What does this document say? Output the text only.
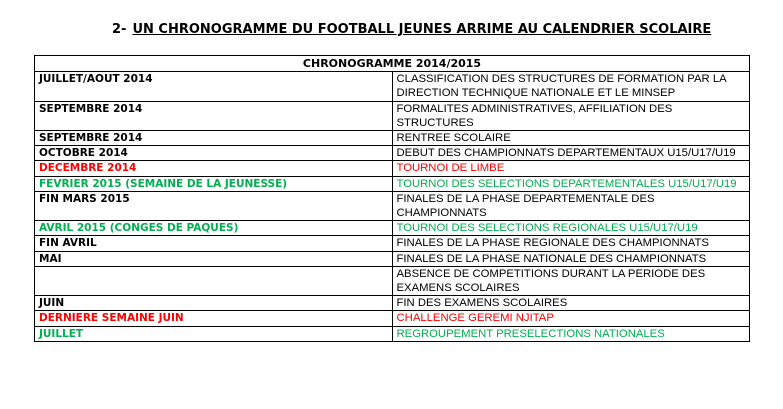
2- UN CHRONOGRAMME DU FOOTBALL JEUNES ARRIME AU CALENDRIER SCOLAIRE
CHRONOGRAMME 2014/2015	
JUILLET/AOUT 2014	CLASSIFICATION DES STRUCTURES DE FORMATION PAR LA DIRECTION TECHNIQUE NATIONALE ET LE MINSEP
SEPTEMBRE 2014	FORMALITES ADMINISTRATIVES, AFFILIATION DES STRUCTURES
SEPTEMBRE 2014	RENTREE SCOLAIRE
OCTOBRE 2014	DEBUT DES CHAMPIONNATS DEPARTEMENTAUX U15/U17/U19
DECEMBRE 2014	TOURNOI DE LIMBE
FEVRIER 2015 (SEMAINE DE LA JEUNESSE)	TOURNOI DES SELECTIONS DEPARTEMENTALES U15/U17/U19
FIN MARS 2015	FINALES DE LA PHASE DEPARTEMENTALE DES CHAMPIONNATS
AVRIL 2015 (CONGES DE PAQUES)	TOURNOI DES SELECTIONS REGIONALES U15/U17/U19
FIN AVRIL	FINALES DE LA PHASE REGIONALE DES CHAMPIONNATS
MAI	FINALES DE LA PHASE NATIONALE DES CHAMPIONNATS
	ABSENCE DE COMPETITIONS DURANT LA PERIODE DES EXAMENS SCOLAIRES
JUIN	FIN DES EXAMENS SCOLAIRES
DERNIERE SEMAINE JUIN	CHALLENGE GEREMI NJITAP
JUILLET	REGROUPEMENT PRESELECTIONS NATIONALES
